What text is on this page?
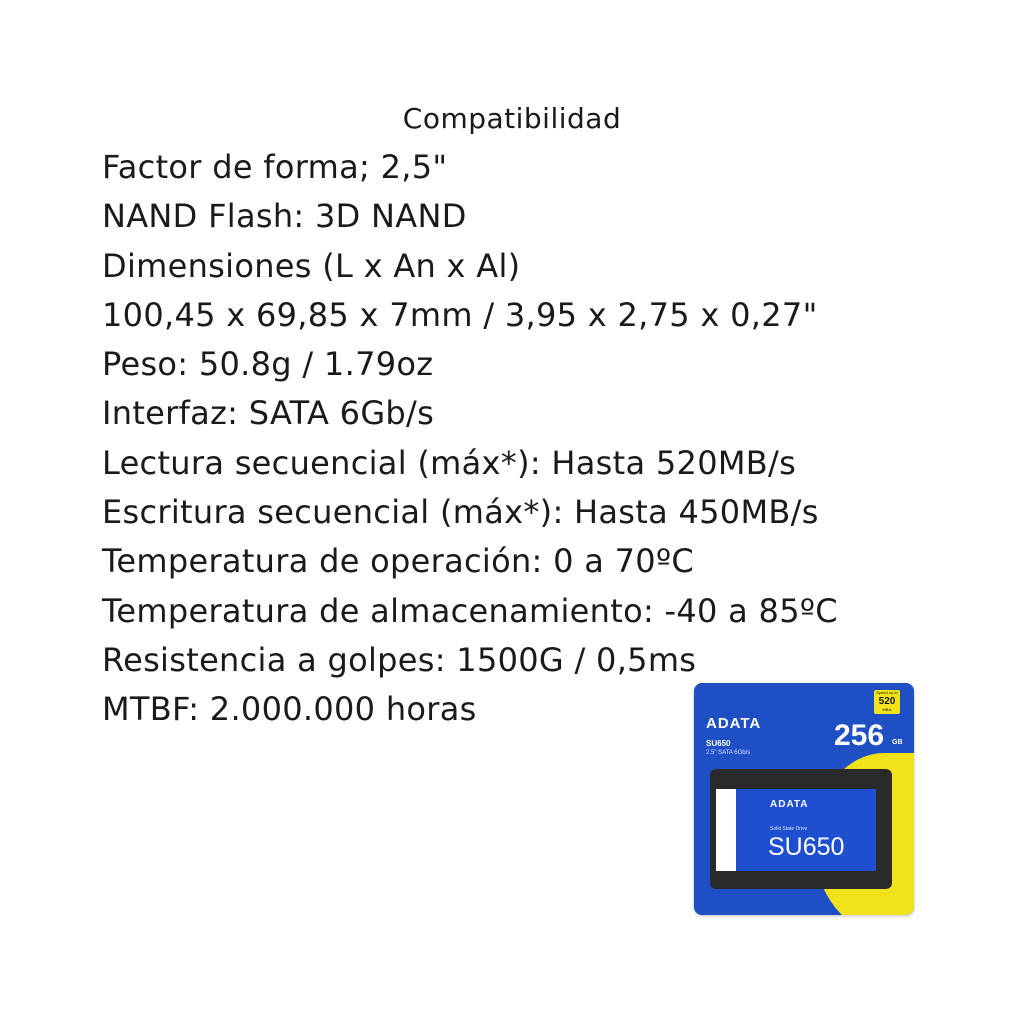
Compatibilidad
Factor de forma; 2,5"
NAND Flash: 3D NAND
Dimensiones (L x An x Al)
100,45 x 69,85 x 7mm / 3,95 x 2,75 x 0,27"
Peso: 50.8g / 1.79oz
Interfaz: SATA 6Gb/s
Lectura secuencial (máx*): Hasta 520MB/s
Escritura secuencial (máx*): Hasta 450MB/s
Temperatura de operación: 0 a 70ºC
Temperatura de almacenamiento: -40 a 85ºC
Resistencia a golpes: 1500G / 0,5ms
MTBF: 2.000.000 horas	ADATA
SU650
2.5" SATA 6Gb/s
Speed up to
520
MB/s
256 GB
ADATA
Solid State Drive
SU650
